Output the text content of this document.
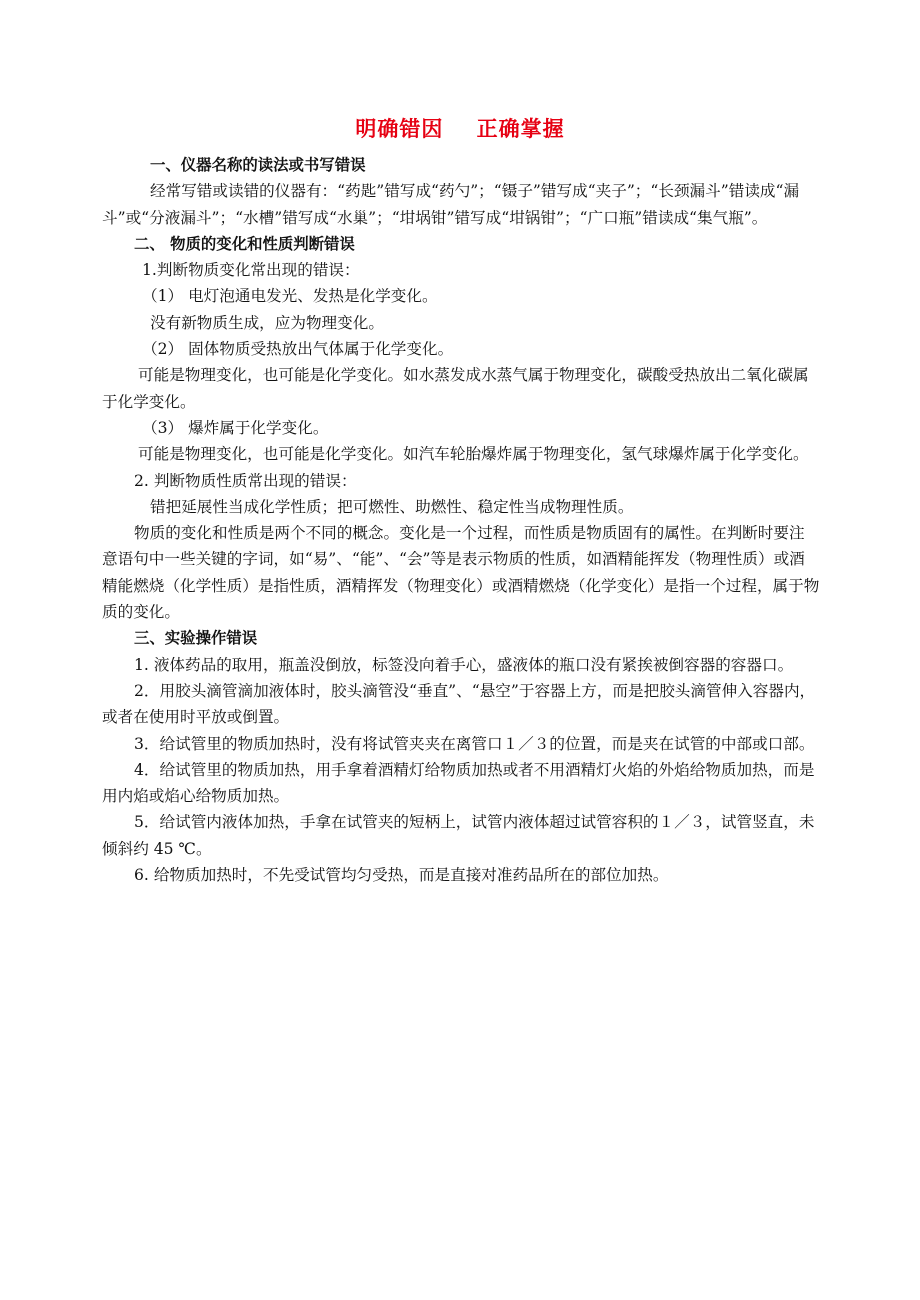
明确错因    正确掌握

一、仪器名称的读法或书写错误

经常写错或读错的仪器有：“药匙”错写成“药勺”；“镊子”错写成“夹子”；“长颈漏斗”错读成“漏斗”或“分液漏斗”；“水槽”错写成“水巢”；“坩埚钳”错写成“坩锅钳”；“广口瓶”错读成“集气瓶”。

二、 物质的变化和性质判断错误

1.判断物质变化常出现的错误：

（1） 电灯泡通电发光、发热是化学变化。

没有新物质生成，应为物理变化。

（2） 固体物质受热放出气体属于化学变化。

可能是物理变化，也可能是化学变化。如水蒸发成水蒸气属于物理变化，碳酸受热放出二氧化碳属于化学变化。

（3） 爆炸属于化学变化。

可能是物理变化，也可能是化学变化。如汽车轮胎爆炸属于物理变化，氢气球爆炸属于化学变化。

2. 判断物质性质常出现的错误：

错把延展性当成化学性质；把可燃性、助燃性、稳定性当成物理性质。

物质的变化和性质是两个不同的概念。变化是一个过程，而性质是物质固有的属性。在判断时要注意语句中一些关键的字词，如“易”、“能”、“会”等是表示物质的性质，如酒精能挥发（物理性质）或酒精能燃烧（化学性质）是指性质，酒精挥发（物理变化）或酒精燃烧（化学变化）是指一个过程，属于物质的变化。

三、实验操作错误

1. 液体药品的取用，瓶盖没倒放，标签没向着手心，盛液体的瓶口没有紧挨被倒容器的容器口。

2．用胶头滴管滴加液体时，胶头滴管没“垂直”、“悬空”于容器上方，而是把胶头滴管伸入容器内，或者在使用时平放或倒置。

3．给试管里的物质加热时，没有将试管夹夹在离管口１／３的位置，而是夹在试管的中部或口部。

4．给试管里的物质加热，用手拿着酒精灯给物质加热或者不用酒精灯火焰的外焰给物质加热，而是用内焰或焰心给物质加热。

5．给试管内液体加热，手拿在试管夹的短柄上，试管内液体超过试管容积的１／３，试管竖直，未倾斜约 45 ℃。

6. 给物质加热时，不先受试管均匀受热，而是直接对准药品所在的部位加热。
